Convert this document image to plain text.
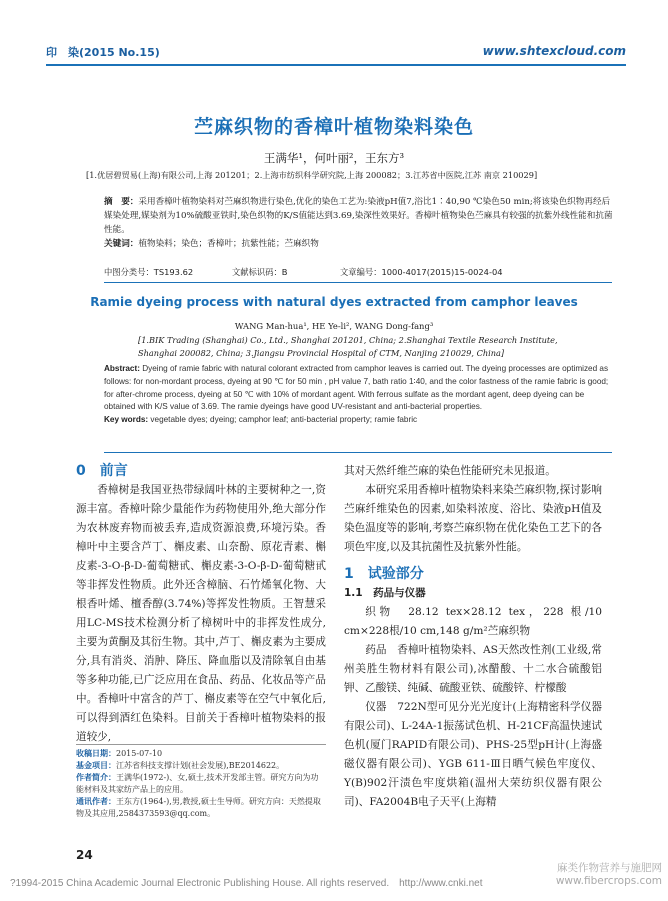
印　染(2015 No.15)	www.shtexcloud.com
苎麻织物的香樟叶植物染料染色
王满华¹，何叶丽²，王东方³
[1.优居碧贸易(上海)有限公司,上海 201201；2.上海市纺织科学研究院,上海 200082；3.江苏省中医院,江苏 南京 210029]
摘　要：采用香樟叶植物染料对苎麻织物进行染色,优化的染色工艺为:染液pH值7,浴比1∶40,90 ℃染色50 min;将该染色织物再经后媒染处理,媒染剂为10%硫酸亚铁时,染色织物的K/S值能达到3.69,染深性效果好。香樟叶植物染色苎麻具有较强的抗紫外线性能和抗菌性能。
关键词：植物染料；染色；香樟叶；抗紫性能；苎麻织物
中图分类号：TS193.62	文献标识码：B	文章编号：1000-4017(2015)15-0024-04
Ramie dyeing process with natural dyes extracted from camphor leaves
WANG Man-hua¹, HE Ye-li², WANG Dong-fang³
[1.BIK Trading (Shanghai) Co., Ltd., Shanghai 201201, China; 2.Shanghai Textile Research Institute, Shanghai 200082, China; 3.Jiangsu Provincial Hospital of CTM, Nanjing 210029, China]
Abstract: Dyeing of ramie fabric with natural colorant extracted from camphor leaves is carried out. The dyeing processes are optimized as follows: for non-mordant process, dyeing at 90 ℃ for 50 min , pH value 7, bath ratio 1∶40, and the color fastness of the ramie fabric is good; for after-chrome process, dyeing at 50 ℃ with 10% of mordant agent. With ferrous sulfate as the mordant agent, deep dyeing can be obtained with K/S value of 3.69. The ramie dyeings have good UV-resistant and anti-bacterial properties.
Key words: vegetable dyes; dyeing; camphor leaf; anti-bacterial property; ramie fabric
0　前言

香樟树是我国亚热带绿阔叶林的主要树种之一,资源丰富。香樟叶除少量能作为药物使用外,绝大部分作为农林废弃物而被丢弃,造成资源浪费,环境污染。香樟叶中主要含芦丁、槲皮素、山奈酚、原花青素、槲皮素-3-O-β-D-葡萄糖甙、槲皮素-3-O-β-D-葡萄糖甙等非挥发性物质。此外还含樟脑、石竹烯氧化物、大根香叶烯、檀香醇(3.74%)等挥发性物质。王智慧采用LC-MS技术检测分析了樟树叶中的非挥发性成分,主要为黄酮及其衍生物。其中,芦丁、槲皮素为主要成分,具有消炎、消肿、降压、降血脂以及清除氧自由基等多种功能,已广泛应用在食品、药品、化妆品等产品中。香樟叶中富含的芦丁、槲皮素等在空气中氧化后,可以得到酒红色染料。目前关于香樟叶植物染料的报道较少,

收稿日期：2015-07-10
基金项目：江苏省科技支撑计划(社会发展),BE2014622。
作者简介：王满华(1972-)、女,硕士,技术开发部主管。研究方向为功能材料及其家纺产品上的应用。
通讯作者：王东方(1964-),男,教授,硕士生导师。研究方向：天然提取物及其应用,2584373593@qq.com。
其对天然纤维苎麻的染色性能研究未见报道。

本研究采用香樟叶植物染料来染苎麻织物,探讨影响苎麻纤维染色的因素,如染料浓度、浴比、染液pH值及染色温度等的影响,考察苎麻织物在优化染色工艺下的各项色牢度,以及其抗菌性及抗紫外性能。

1　试验部分
1.1　药品与仪器

织物　28.12 tex×28.12 tex，228 根/10 cm×228根/10 cm,148 g/m²苎麻织物

药品　香樟叶植物染料、AS天然改性剂(工业级,常州美胜生物材料有限公司),冰醋酸、十二水合硫酸铝钾、乙酸镁、纯碱、硫酸亚铁、硫酸锌、柠檬酸

仪器　722N型可见分光光度计(上海精密科学仪器有限公司)、L-24A-1振荡试色机、H-21CF高温快速试色机(厦门RAPID有限公司)、PHS-25型pH计(上海盛磁仪器有限公司)、YGB 611-Ⅲ日晒气候色牢度仪、Y(B)902汗渍色牢度烘箱(温州大荣纺织仪器有限公司)、FA2004B电子天平(上海精

24
?1994-2015 China Academic Journal Electronic Publishing House. All rights reserved.　http://www.cnki.net
麻类作物营养与施肥网
www.fibercrops.com
